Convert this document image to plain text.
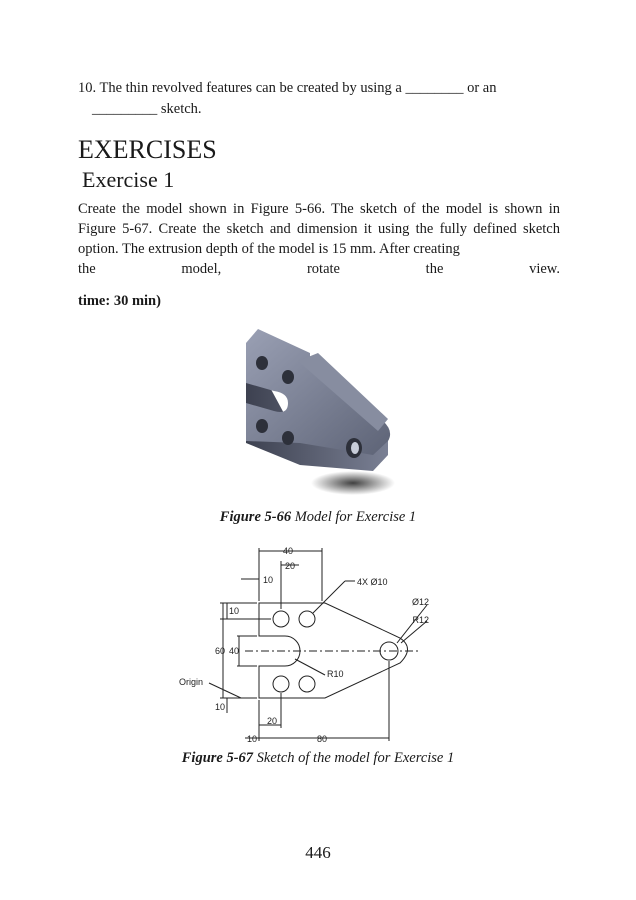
10. The thin revolved features can be created by using a ________ or an
_________ sketch.
EXERCISES
Exercise 1
Create the model shown in Figure 5-66. The sketch of the model is shown in Figure 5-67. Create the sketch and dimension it using the fully defined sketch option. The extrusion depth of the model is 15 mm. After creating
the	model,	rotate	the	view.
time: 30 min)
Figure 5-66 Model for Exercise 1
40
20
10	4X Ø10
Ø12
R12
10
60 40
R10
Origin
10
20
10	80
Figure 5-67 Sketch of the model for Exercise 1
446
